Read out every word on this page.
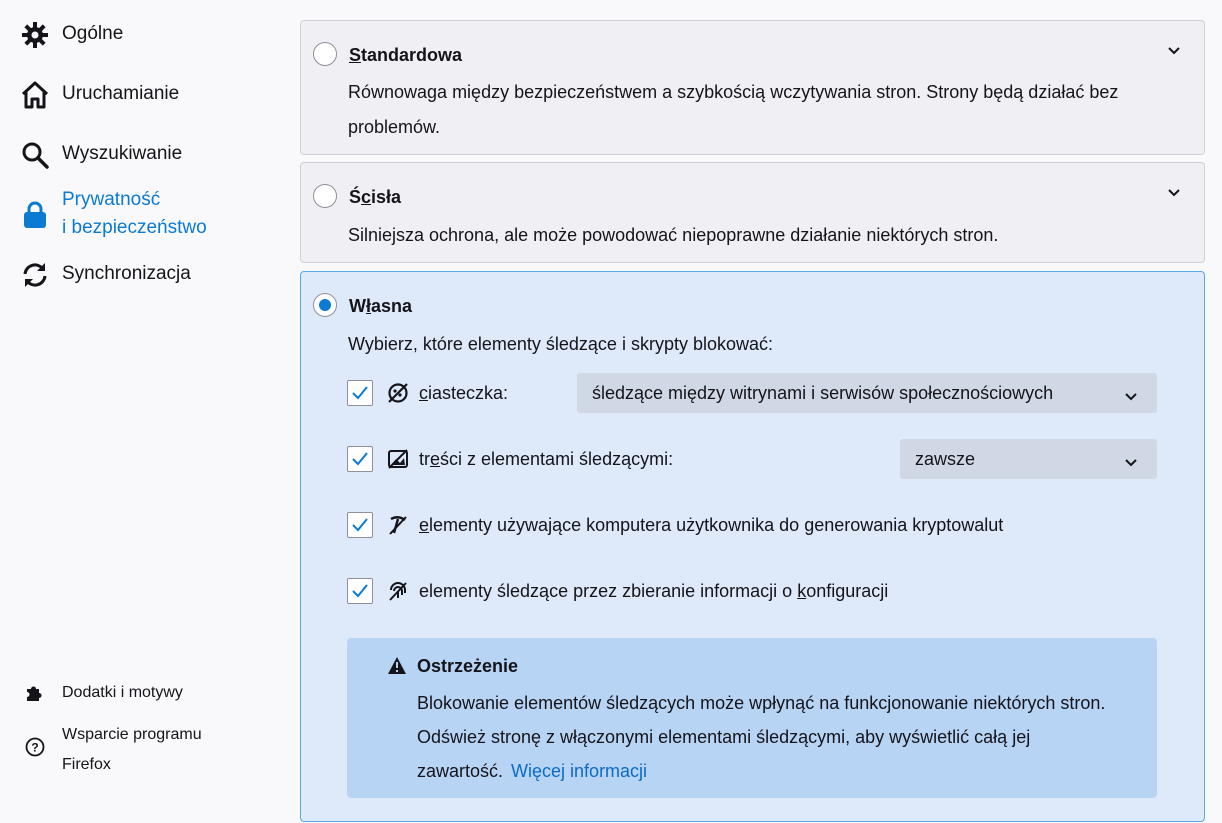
Ogólne
Uruchamianie
Wyszukiwanie
Prywatność
i bezpieczeństwo
Synchronizacja
Dodatki i motywy
?
Wsparcie programu
Firefox
Standardowa
Równowaga między bezpieczeństwem a szybkością wczytywania stron. Strony będą działać bez problemów.
Ścisła
Silniejsza ochrona, ale może powodować niepoprawne działanie niektórych stron.
Własna
Wybierz, które elementy śledzące i skrypty blokować:
ciasteczka:	śledzące między witrynami i serwisów społecznościowych
treści z elementami śledzącymi:	zawsze
elementy używające komputera użytkownika do generowania kryptowalut
elementy śledzące przez zbieranie informacji o konfiguracji
Ostrzeżenie
Blokowanie elementów śledzących może wpłynąć na funkcjonowanie niektórych stron. Odśwież stronę z włączonymi elementami śledzącymi, aby wyświetlić całą jej zawartość. Więcej informacji
